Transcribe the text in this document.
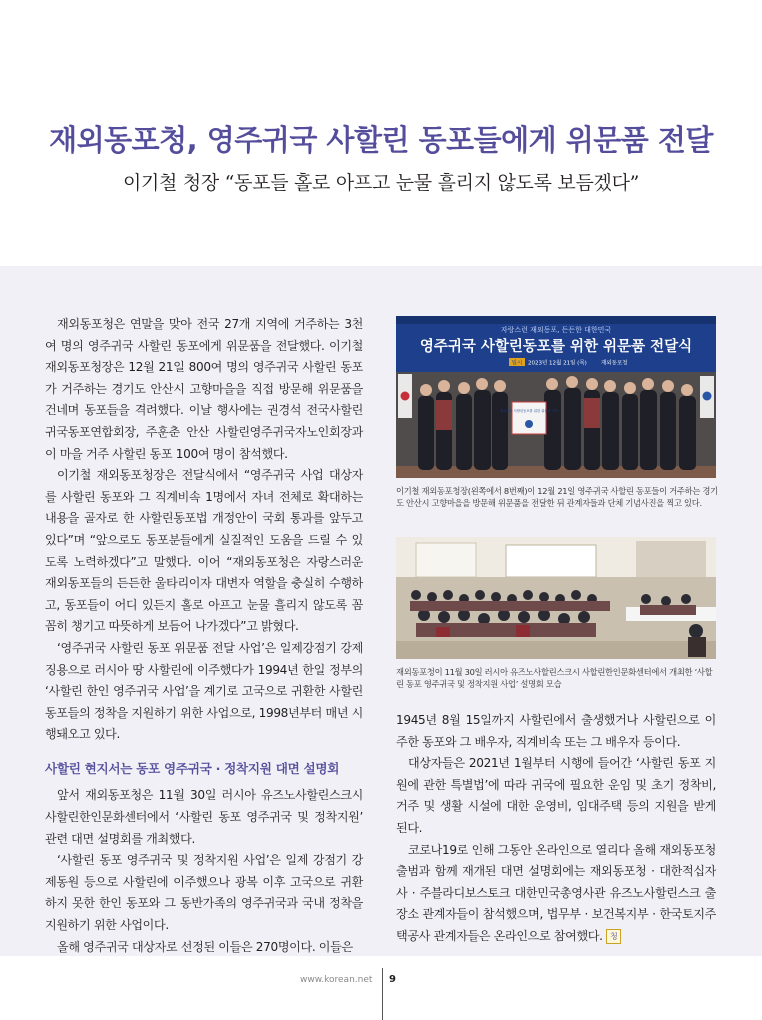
재외동포청, 영주귀국 사할린 동포들에게 위문품 전달
이기철 청장 “동포들 홀로 아프고 눈물 흘리지 않도록 보듬겠다”

재외동포청은 연말을 맞아 전국 27개 지역에 거주하는 3천여 명의 영주귀국 사할린 동포에게 위문품을 전달했다. 이기철 재외동포청장은 12월 21일 800여 명의 영주귀국 사할린 동포가 거주하는 경기도 안산시 고향마을을 직접 방문해 위문품을 건네며 동포들을 격려했다. 이날 행사에는 권경석 전국사할린귀국동포연합회장, 주훈춘 안산 사할린영주귀국자노인회장과 이 마을 거주 사할린 동포 100여 명이 참석했다.

이기철 재외동포청장은 전달식에서 “영주귀국 사업 대상자를 사할린 동포와 그 직계비속 1명에서 자녀 전체로 확대하는 내용을 골자로 한 사할린동포법 개정안이 국회 통과를 앞두고 있다”며 “앞으로도 동포분들에게 실질적인 도움을 드릴 수 있도록 노력하겠다”고 말했다. 이어 “재외동포청은 자랑스러운 재외동포들의 든든한 울타리이자 대변자 역할을 충실히 수행하고, 동포들이 어디 있든지 홀로 아프고 눈물 흘리지 않도록 꼼꼼히 챙기고 따뜻하게 보듬어 나가겠다”고 밝혔다.

‘영주귀국 사할린 동포 위문품 전달 사업’은 일제강점기 강제징용으로 러시아 땅 사할린에 이주했다가 1994년 한일 정부의 ‘사할린 한인 영주귀국 사업’을 계기로 고국으로 귀환한 사할린 동포들의 정착을 지원하기 위한 사업으로, 1998년부터 매년 시행돼오고 있다.

사할린 현지서는 동포 영주귀국 · 정착지원 대면 설명회

앞서 재외동포청은 11월 30일 러시아 유즈노사할린스크시 사할린한인문화센터에서 ‘사할린 동포 영주귀국 및 정착지원’ 관련 대면 설명회를 개최했다.

‘사할린 동포 영주귀국 및 정착지원 사업’은 일제 강점기 강제동원 등으로 사할린에 이주했으나 광복 이후 고국으로 귀환하지 못한 한인 동포와 그 동반가족의 영주귀국과 국내 정착을 지원하기 위한 사업이다.

올해 영주귀국 대상자로 선정된 이들은 270명이다. 이들은

자랑스런 재외동포, 든든한 대한민국
영주귀국 사할린동포를 위한 위문품 전달식
일시 2023년 12월 21일 (목)	재외동포청
영주귀국 사할린동포를 위한 위문품 전달
이기철 재외동포청장(왼쪽에서 8번째)이 12월 21일 영주귀국 사할린 동포들이 거주하는 경기도 안산시 고향마을을 방문해 위문품을 전달한 뒤 관계자들과 단체 기념사진을 찍고 있다.
재외동포청이 11월 30일 러시아 유즈노사할린스크시 사할린한인문화센터에서 개최한 ‘사할린 동포 영주귀국 및 정착지원 사업’ 설명회 모습

1945년 8월 15일까지 사할린에서 출생했거나 사할린으로 이주한 동포와 그 배우자, 직계비속 또는 그 배우자 등이다.

대상자들은 2021년 1월부터 시행에 들어간 ‘사할린 동포 지원에 관한 특별법’에 따라 귀국에 필요한 운임 및 초기 정착비, 거주 및 생활 시설에 대한 운영비, 임대주택 등의 지원을 받게 된다.

코로나19로 인해 그동안 온라인으로 열리다 올해 재외동포청 출범과 함께 재개된 대면 설명회에는 재외동포청 · 대한적십자사 · 주블라디보스토크 대한민국총영사관 유즈노사할린스크 출장소 관계자들이 참석했으며, 법무부 · 보건복지부 · 한국토지주택공사 관계자들은 온라인으로 참여했다. 청

www.korean.net 9
